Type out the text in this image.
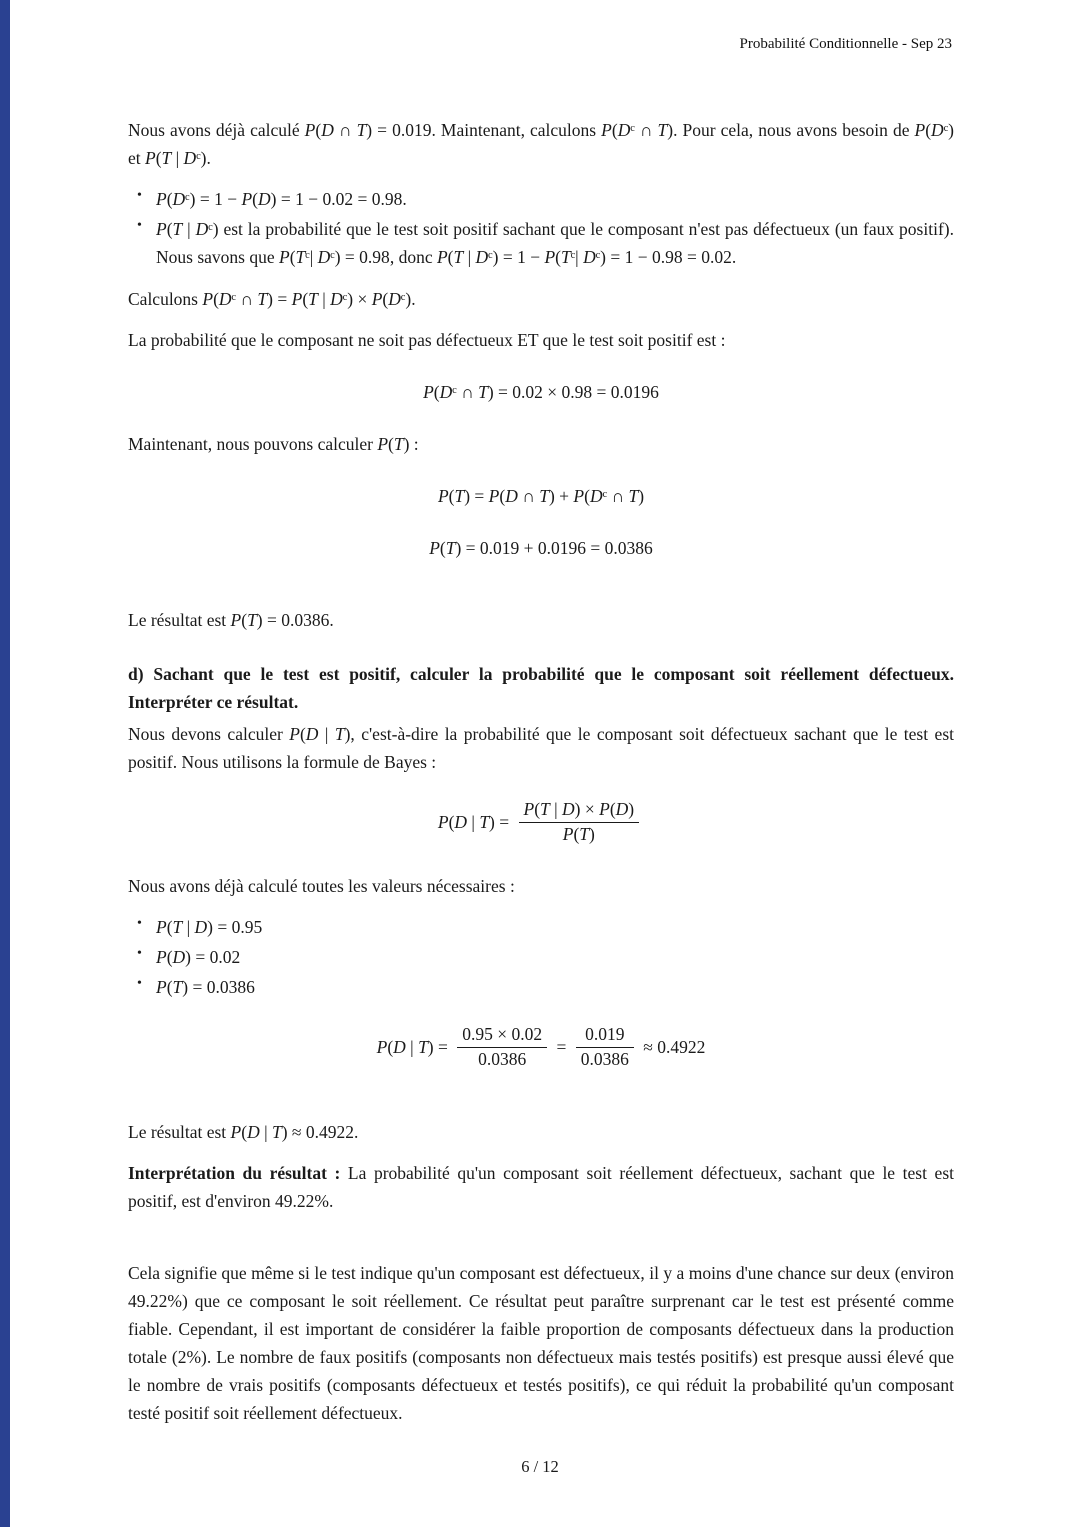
Probabilité Conditionnelle - Sep 23
Nous avons déjà calculé P(D ∩ T) = 0.019. Maintenant, calculons P(Dᶜ ∩ T). Pour cela, nous avons besoin de P(Dᶜ) et P(T | Dᶜ).
• P(Dᶜ) = 1 − P(D) = 1 − 0.02 = 0.98.
• P(T | Dᶜ) est la probabilité que le test soit positif sachant que le composant n'est pas défectueux (un faux positif). Nous savons que P(Tᶜ| Dᶜ) = 0.98, donc P(T | Dᶜ) = 1 − P(Tᶜ| Dᶜ) = 1 − 0.98 = 0.02.
Calculons P(Dᶜ ∩ T) = P(T | Dᶜ) × P(Dᶜ).
La probabilité que le composant ne soit pas défectueux ET que le test soit positif est :
P(Dᶜ ∩ T) = 0.02 × 0.98 = 0.0196
Maintenant, nous pouvons calculer P(T) :
P(T) = P(D ∩ T) + P(Dᶜ ∩ T)
P(T) = 0.019 + 0.0196 = 0.0386
Le résultat est P(T) = 0.0386.
d) Sachant que le test est positif, calculer la probabilité que le composant soit réellement défectueux. Interpréter ce résultat.
Nous devons calculer P(D | T), c'est-à-dire la probabilité que le composant soit défectueux sachant que le test est positif. Nous utilisons la formule de Bayes :
P(D | $T) = \frac{P(T | D) \times P(D)}{P(T)}$
Nous avons déjà calculé toutes les valeurs nécessaires :
• P(T | D) = 0.95
• P(D) = 0.02
• P(T) = 0.0386
P(D | $T) = \frac{0.95 \times 0.02}{0.0386} = \frac{0.019}{0.0386} \approx 0.4922$
Le résultat est P(D | T) ≈ 0.4922.
Interprétation du résultat : La probabilité qu'un composant soit réellement défectueux, sachant que le test est positif, est d'environ 49.22%.
Cela signifie que même si le test indique qu'un composant est défectueux, il y a moins d'une chance sur deux (environ 49.22%) que ce composant le soit réellement. Ce résultat peut paraître surprenant car le test est présenté comme fiable. Cependant, il est important de considérer la faible proportion de composants défectueux dans la production totale (2%). Le nombre de faux positifs (composants non défectueux mais testés positifs) est presque aussi élevé que le nombre de vrais positifs (composants défectueux et testés positifs), ce qui réduit la probabilité qu'un composant testé positif soit réellement défectueux.
6 / 12
